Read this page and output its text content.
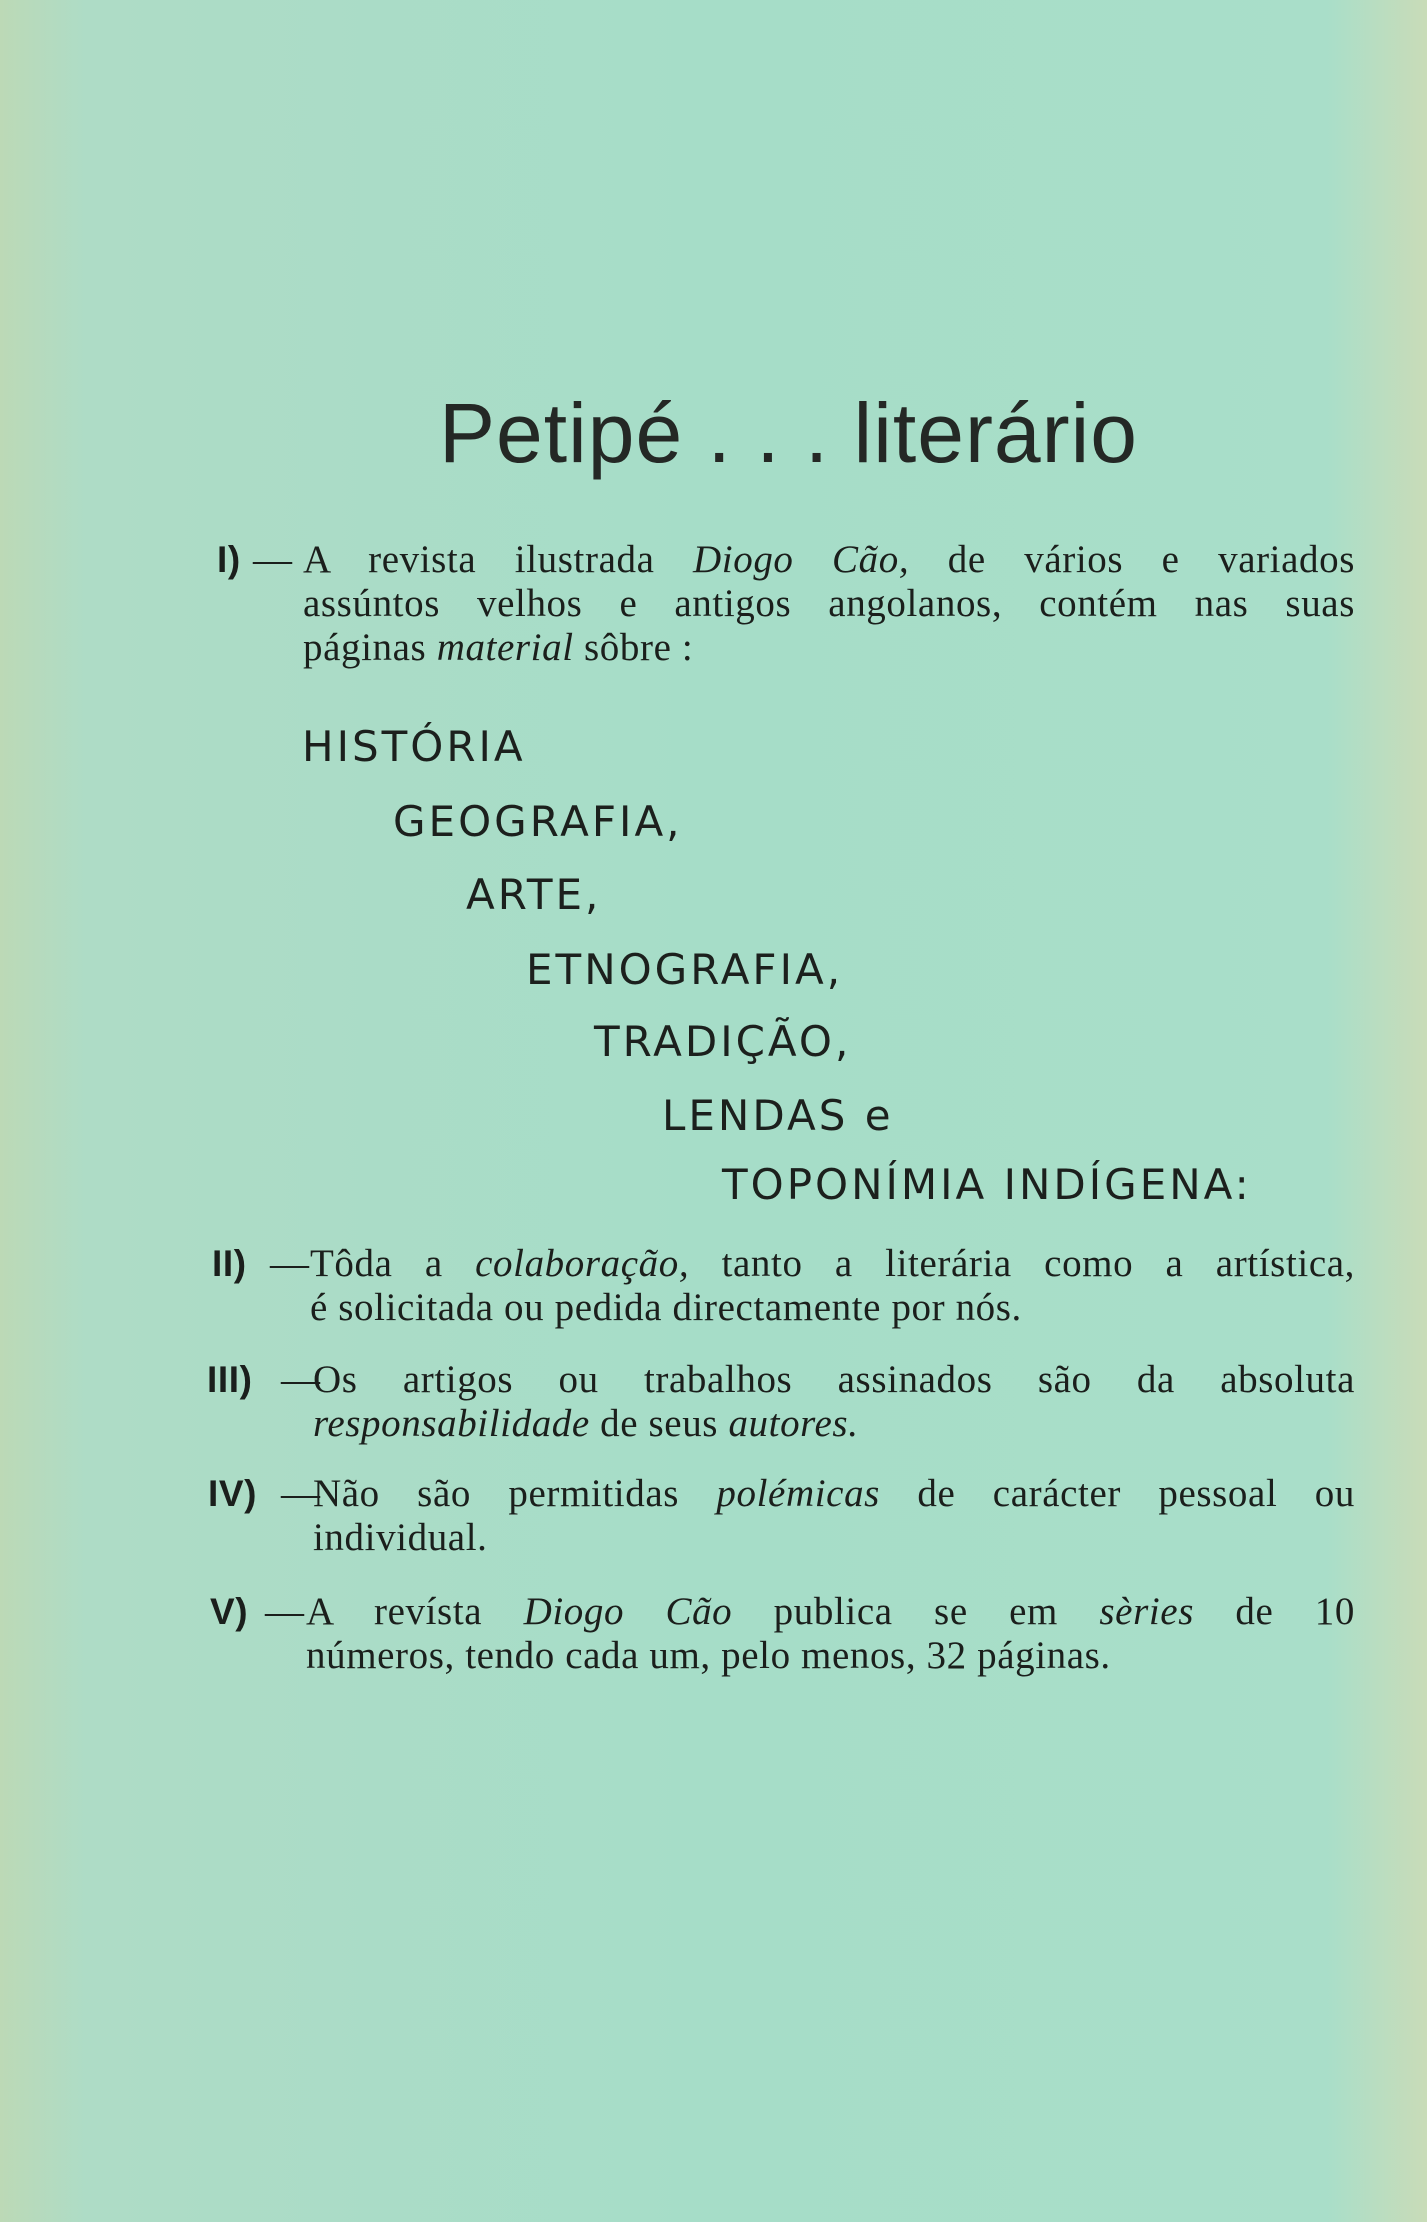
Petipé . . . literário
I) — A revista ilustrada Diogo Cão, de vários e variados
assúntos velhos e antigos angolanos, contém nas suas
páginas material sôbre :
HISTÓRIA
GEOGRAFIA,
ARTE,
ETNOGRAFIA,
TRADIÇÃO,
LENDAS e
TOPONÍMIA INDÍGENA:
II) — Tôda a colaboração, tanto a literária como a artística,
é solicitada ou pedida directamente por nós.
III) —
Os artigos ou trabalhos assinados são da absoluta
responsabilidade de seus autores.
IV) —
Não são permitidas polémicas de carácter pessoal ou
individual.
V) — A revísta Diogo Cão publica se em sèries de 10
números, tendo cada um, pelo menos, 32 páginas.
